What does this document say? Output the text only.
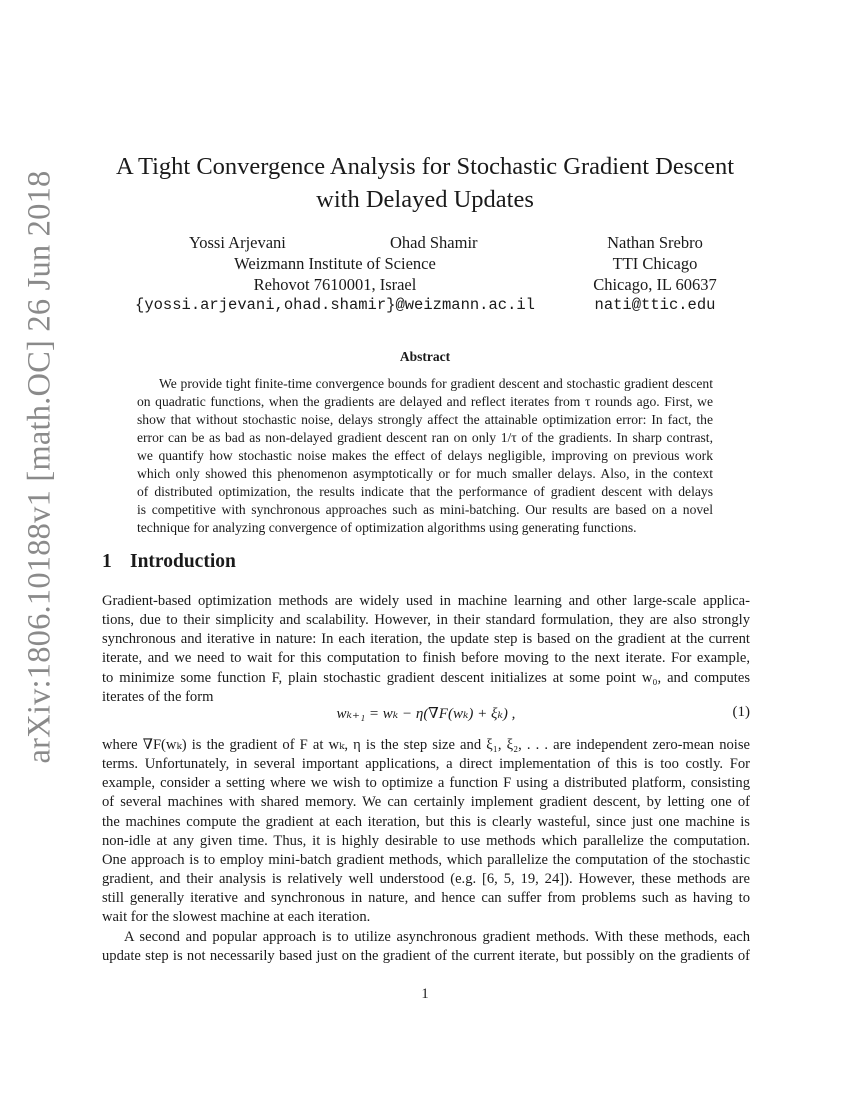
arXiv:1806.10188v1 [math.OC] 26 Jun 2018
A Tight Convergence Analysis for Stochastic Gradient Descent
with Delayed Updates
Yossi Arjevani	Ohad Shamir
Weizmann Institute of Science
Rehovot 7610001, Israel
{yossi.arjevani,ohad.shamir}@weizmann.ac.il
Nathan Srebro
TTI Chicago
Chicago, IL 60637
nati@ttic.edu
Abstract
We provide tight finite-time convergence bounds for gradient descent and stochastic gradient descent
on quadratic functions, when the gradients are delayed and reflect iterates from τ rounds ago. First, we
show that without stochastic noise, delays strongly affect the attainable optimization error: In fact, the
error can be as bad as non-delayed gradient descent ran on only 1/τ of the gradients. In sharp contrast,
we quantify how stochastic noise makes the effect of delays negligible, improving on previous work
which only showed this phenomenon asymptotically or for much smaller delays. Also, in the context
of distributed optimization, the results indicate that the performance of gradient descent with delays
is competitive with synchronous approaches such as mini-batching. Our results are based on a novel
technique for analyzing convergence of optimization algorithms using generating functions.
1 Introduction
Gradient-based optimization methods are widely used in machine learning and other large-scale applica-
tions, due to their simplicity and scalability. However, in their standard formulation, they are also strongly
synchronous and iterative in nature: In each iteration, the update step is based on the gradient at the current
iterate, and we need to wait for this computation to finish before moving to the next iterate. For example,
to minimize some function F, plain stochastic gradient descent initializes at some point w₀, and computes
iterates of the form
wₖ₊₁ = wₖ − η(∇F(wₖ) + ξₖ) ,	(1)
where ∇F(wₖ) is the gradient of F at wₖ, η is the step size and ξ₁, ξ₂, . . . are independent zero-mean noise
terms. Unfortunately, in several important applications, a direct implementation of this is too costly. For
example, consider a setting where we wish to optimize a function F using a distributed platform, consisting
of several machines with shared memory. We can certainly implement gradient descent, by letting one of
the machines compute the gradient at each iteration, but this is clearly wasteful, since just one machine is
non-idle at any given time. Thus, it is highly desirable to use methods which parallelize the computation.
One approach is to employ mini-batch gradient methods, which parallelize the computation of the stochastic
gradient, and their analysis is relatively well understood (e.g. [6, 5, 19, 24]). However, these methods are
still generally iterative and synchronous in nature, and hence can suffer from problems such as having to
wait for the slowest machine at each iteration.
A second and popular approach is to utilize asynchronous gradient methods. With these methods, each
update step is not necessarily based just on the gradient of the current iterate, but possibly on the gradients of
1
